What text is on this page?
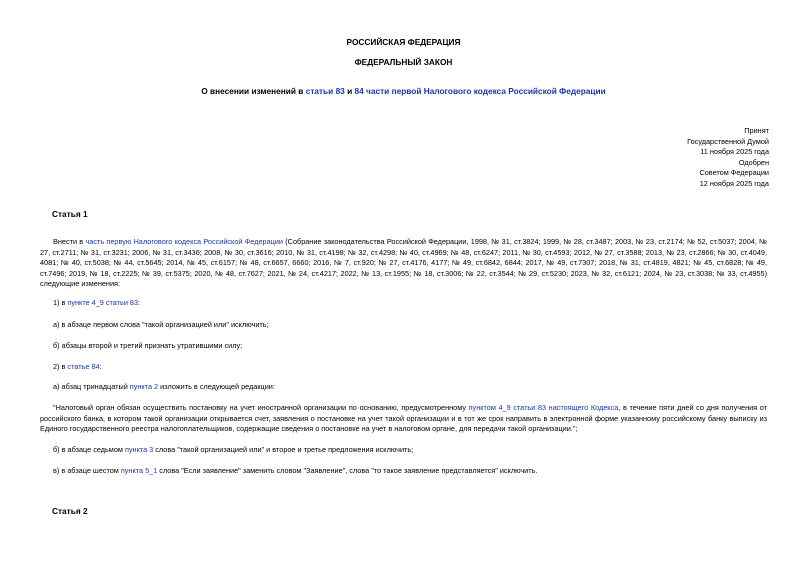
РОССИЙСКАЯ ФЕДЕРАЦИЯ
ФЕДЕРАЛЬНЫЙ ЗАКОН
О внесении изменений в статьи 83 и 84 части первой Налогового кодекса Российской Федерации
Принят
Государственной Думой
11 ноября 2025 года
Одобрен
Советом Федерации
12 ноября 2025 года
Статья 1
Внести в часть первую Налогового кодекса Российской Федерации (Собрание законодательства Российской Федерации, 1998, № 31, ст.3824; 1999, № 28, ст.3487; 2003, № 23, ст.2174; № 52, ст.5037; 2004, № 27, ст.2711; № 31, ст.3231; 2006, № 31, ст.3436; 2008, № 30, ст.3616; 2010, № 31, ст.4198; № 32, ст.4298; № 40, ст.4969; № 48, ст.6247; 2011, № 30, ст.4593; 2012, № 27, ст.3588; 2013, № 23, ст.2866; № 30, ст.4049, 4081; № 40, ст.5038; № 44, ст.5645; 2014, № 45, ст.6157; № 48, ст.6657, 6660; 2016, № 7, ст.920; № 27, ст.4176, 4177; № 49, ст.6842, 6844; 2017, № 49, ст.7307; 2018, № 31, ст.4819, 4821; № 45, ст.6828; № 49, ст.7496; 2019, № 18, ст.2225; № 39, ст.5375; 2020, № 48, ст.7627; 2021, № 24, ст.4217; 2022, № 13, ст.1955; № 18, ст.3006; № 22, ст.3544; № 29, ст.5230; 2023, № 32, ст.6121; 2024, № 23, ст.3038; № 33, ст.4955) следующие изменения:
1) в пункте 4_9 статьи 83:
а) в абзаце первом слова "такой организацией или" исключить;
б) абзацы второй и третий признать утратившими силу;
2) в статье 84:
а) абзац тринадцатый пункта 2 изложить в следующей редакции:
"Налоговый орган обязан осуществить постановку на учет иностранной организации по основанию, предусмотренному пунктом 4_9 статьи 83 настоящего Кодекса, в течение пяти дней со дня получения от российского банка, в котором такой организации открывается счет, заявления о постановке на учет такой организации и в тот же срок направить в электронной форме указанному российскому банку выписку из Единого государственного реестра налогоплательщиков, содержащие сведения о постановке на учет в налоговом органе, для передачи такой организации.";
б) в абзаце седьмом пункта 3 слова "такой организацией или" и второе и третье предложения исключить;
в) в абзаце шестом пункта 5_1 слова "Если заявление" заменить словом "Заявление", слова "то такое заявление представляется" исключить.
Статья 2
